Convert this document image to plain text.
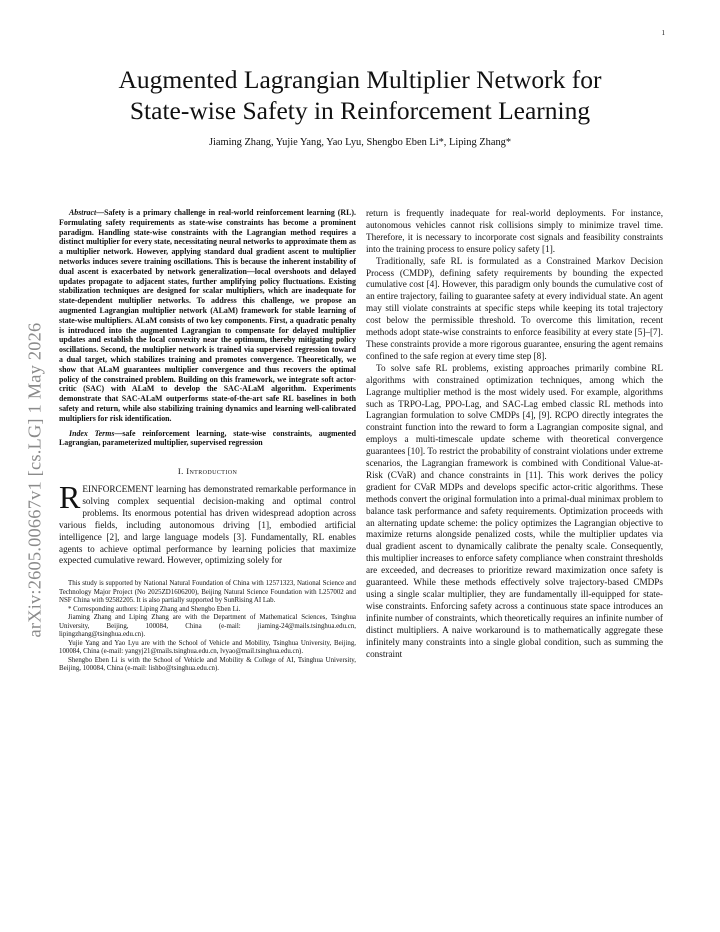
1
arXiv:2605.00667v1 [cs.LG] 1 May 2026
Augmented Lagrangian Multiplier Network for
State-wise Safety in Reinforcement Learning
Jiaming Zhang, Yujie Yang, Yao Lyu, Shengbo Eben Li*, Liping Zhang*

Abstract—Safety is a primary challenge in real-world reinforcement learning (RL). Formulating safety requirements as state-wise constraints has become a prominent paradigm. Handling state-wise constraints with the Lagrangian method requires a distinct multiplier for every state, necessitating neural networks to approximate them as a multiplier network. However, applying standard dual gradient ascent to multiplier networks induces severe training oscillations. This is because the inherent instability of dual ascent is exacerbated by network generalization—local overshoots and delayed updates propagate to adjacent states, further amplifying policy fluctuations. Existing stabilization techniques are designed for scalar multipliers, which are inadequate for state-dependent multiplier networks. To address this challenge, we propose an augmented Lagrangian multiplier network (ALaM) framework for stable learning of state-wise multipliers. ALaM consists of two key components. First, a quadratic penalty is introduced into the augmented Lagrangian to compensate for delayed multiplier updates and establish the local convexity near the optimum, thereby mitigating policy oscillations. Second, the multiplier network is trained via supervised regression toward a dual target, which stabilizes training and promotes convergence. Theoretically, we show that ALaM guarantees multiplier convergence and thus recovers the optimal policy of the constrained problem. Building on this framework, we integrate soft actor-critic (SAC) with ALaM to develop the SAC-ALaM algorithm. Experiments demonstrate that SAC-ALaM outperforms state-of-the-art safe RL baselines in both safety and return, while also stabilizing training dynamics and learning well-calibrated multipliers for risk identification.

Index Terms—safe reinforcement learning, state-wise constraints, augmented Lagrangian, parameterized multiplier, supervised regression

I. Introduction

REINFORCEMENT learning has demonstrated remarkable performance in solving complex sequential decision-making and optimal control problems. Its enormous potential has driven widespread adoption across various fields, including autonomous driving [1], embodied artificial intelligence [2], and large language models [3]. Fundamentally, RL enables agents to achieve optimal performance by learning policies that maximize expected cumulative reward. However, optimizing solely for

This study is supported by National Natural Foundation of China with 12571323, National Science and Technology Major Project (No 2025ZD1606200), Beijing Natural Science Foundation with L257002 and NSF China with 92582205. It is also partially supported by SunRising AI Lab.

* Corresponding authors: Liping Zhang and Shengbo Eben Li.

Jiaming Zhang and Liping Zhang are with the Department of Mathematical Sciences, Tsinghua University, Beijing, 100084, China (e-mail: jiaming-24@mails.tsinghua.edu.cn, lipingzhang@tsinghua.edu.cn).

Yujie Yang and Yao Lyu are with the School of Vehicle and Mobility, Tsinghua University, Beijing, 100084, China (e-mail: yangyj21@mails.tsinghua.edu.cn, lvyao@mail.tsinghua.edu.cn).

Shengbo Eben Li is with the School of Vehicle and Mobility & College of AI, Tsinghua University, Beijing, 100084, China (e-mail: lishbo@tsinghua.edu.cn).

return is frequently inadequate for real-world deployments. For instance, autonomous vehicles cannot risk collisions simply to minimize travel time. Therefore, it is necessary to incorporate cost signals and feasibility constraints into the training process to ensure policy safety [1].

Traditionally, safe RL is formulated as a Constrained Markov Decision Process (CMDP), defining safety requirements by bounding the expected cumulative cost [4]. However, this paradigm only bounds the cumulative cost of an entire trajectory, failing to guarantee safety at every individual state. An agent may still violate constraints at specific steps while keeping its total trajectory cost below the permissible threshold. To overcome this limitation, recent methods adopt state-wise constraints to enforce feasibility at every state [5]–[7]. These constraints provide a more rigorous guarantee, ensuring the agent remains confined to the safe region at every time step [8].

To solve safe RL problems, existing approaches primarily combine RL algorithms with constrained optimization techniques, among which the Lagrange multiplier method is the most widely used. For example, algorithms such as TRPO-Lag, PPO-Lag, and SAC-Lag embed classic RL methods into Lagrangian formulation to solve CMDPs [4], [9]. RCPO directly integrates the constraint function into the reward to form a Lagrangian composite signal, and employs a multi-timescale update scheme with theoretical convergence guarantees [10]. To restrict the probability of constraint violations under extreme scenarios, the Lagrangian framework is combined with Conditional Value-at-Risk (CVaR) and chance constraints in [11]. This work derives the policy gradient for CVaR MDPs and develops specific actor-critic algorithms. These methods convert the original formulation into a primal-dual minimax problem to balance task performance and safety requirements. Optimization proceeds with an alternating update scheme: the policy optimizes the Lagrangian objective to maximize returns alongside penalized costs, while the multiplier updates via dual gradient ascent to dynamically calibrate the penalty scale. Consequently, this multiplier increases to enforce safety compliance when constraint thresholds are exceeded, and decreases to prioritize reward maximization once safety is guaranteed. While these methods effectively solve trajectory-based CMDPs using a single scalar multiplier, they are fundamentally ill-equipped for state-wise constraints. Enforcing safety across a continuous state space introduces an infinite number of constraints, which theoretically requires an infinite number of distinct multipliers. A naive workaround is to mathematically aggregate these infinitely many constraints into a single global condition, such as summing the constraint
